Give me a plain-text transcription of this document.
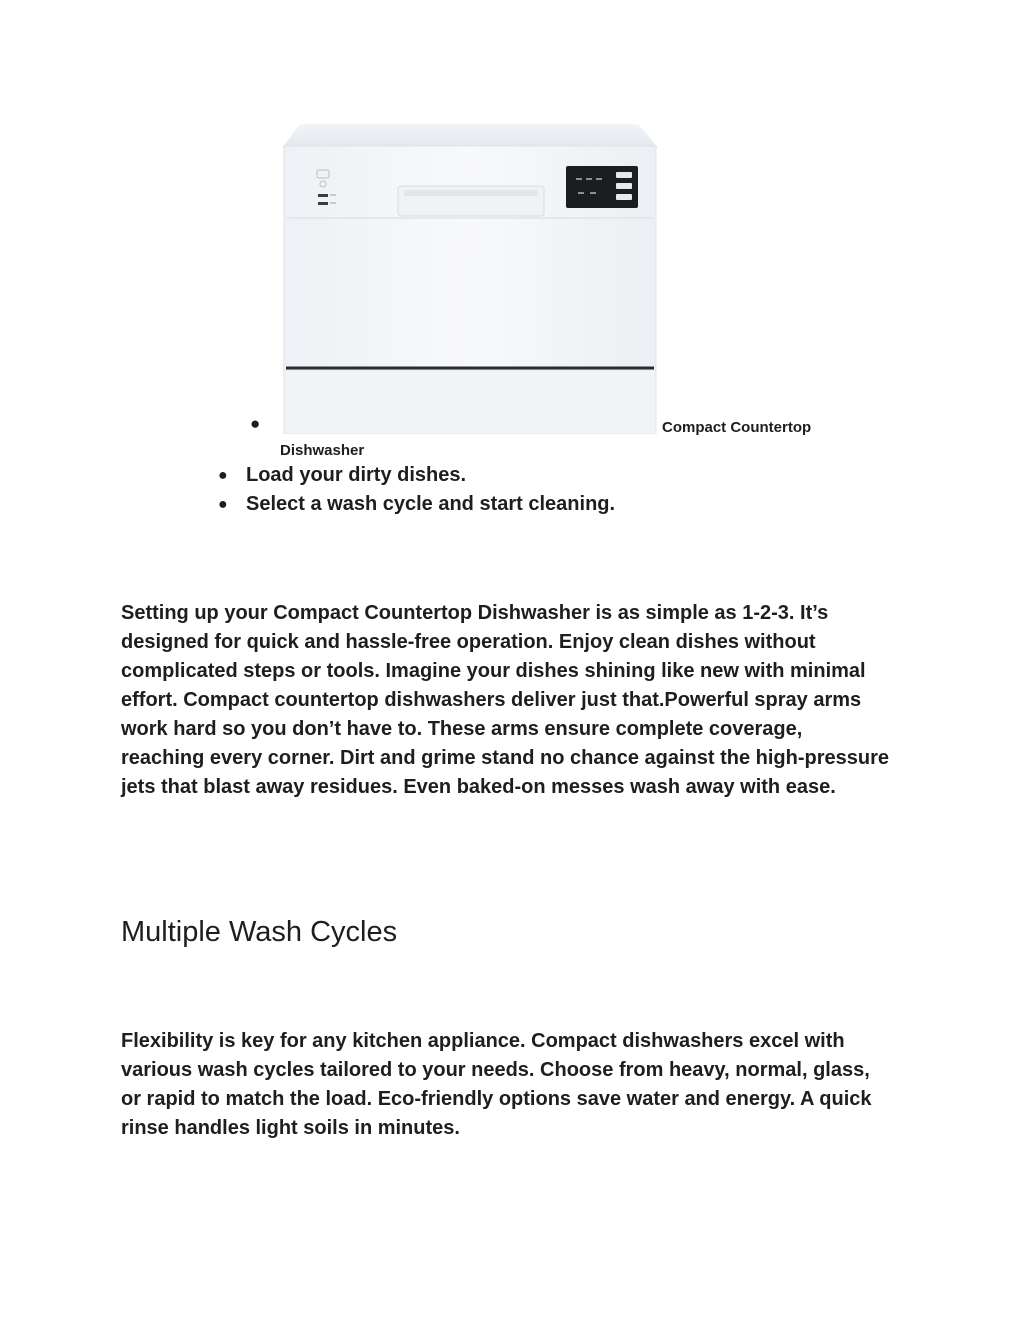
●	Compact Countertop
Dishwasher
● Load your dirty dishes.
● Select a wash cycle and start cleaning.

Setting up your Compact Countertop Dishwasher is as simple as 1-2-3. It’s designed for quick and hassle-free operation. Enjoy clean dishes without complicated steps or tools. Imagine your dishes shining like new with minimal effort. Compact countertop dishwashers deliver just that.Powerful spray arms work hard so you don’t have to. These arms ensure complete coverage, reaching every corner. Dirt and grime stand no chance against the high-pressure jets that blast away residues. Even baked-on messes wash away with ease.

Multiple Wash Cycles

Flexibility is key for any kitchen appliance. Compact dishwashers excel with various wash cycles tailored to your needs. Choose from heavy, normal, glass, or rapid to match the load. Eco-friendly options save water and energy. A quick rinse handles light soils in minutes.
